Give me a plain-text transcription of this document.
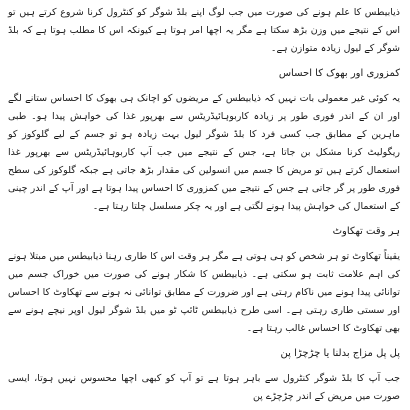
ذیابیطس کا علم ہونے کی صورت میں جب لوگ اپنے بلڈ شوگر کو کنٹرول کرنا شروع کرتے ہیں تو اس کے نتیجے میں وزن بڑھ سکتا ہے مگر یہ اچھا امر ہوتا ہے کیونکہ اس کا مطلب ہوتا ہے کہ بلڈ شوگر کے لیول زیادہ متوازن ہے۔

کمزوری اور بھوک کا احساس

یہ کوئی غیر معمولی بات نہیں کہ ذیابیطس کے مریضوں کو اچانک ہی بھوک کا احساس ستانے لگے اور ان کے اندر فوری طور پر زیادہ کاربوہائیڈریٹس سے بھرپور غذا کی خواہش پیدا ہو۔ طبی ماہرین کے مطابق جب کسی فرد کا بلڈ شوگر لیول بہت زیادہ ہو تو جسم کے لیے گلوکوز کو ریگولیٹ کرنا مشکل بن جاتا ہے، جس کے نتیجے میں جب آپ کاربوہائیڈریٹس سے بھرپور غذا استعمال کرتے ہیں تو مریض کا جسم میں انسولین کی مقدار بڑھ جاتی ہے جبکہ گلوکوز کی سطح فوری طور پر گر جاتی ہے جس کے نتیجے میں کمزوری کا احساس پیدا ہوتا ہے اور آپ کے اندر چینی کے استعمال کی خواہش پیدا ہونے لگتی ہے اور یہ چکر مسلسل چلتا رہتا ہے۔

ہر وقت تھکاوٹ

یقیناً تھکاوٹ تو ہر شخص کو ہی ہوتی ہے مگر ہر وقت اس کا طاری رہنا ذیابیطس میں مبتلا ہونے کی اہم علامت ثابت ہو سکتی ہے۔ ذیابیطس کا شکار ہونے کی صورت میں خوراک جسم میں توانائی پیدا ہونے میں ناکام رہتی ہے اور ضرورت کے مطابق توانائی نہ ہونے سے تھکاوٹ کا احساس اور سستی طاری رہتی ہے۔ اسی طرح ذیابیطس ٹائپ ٹو میں بلڈ شوگر لیول اوپر نیچے ہونے سے بھی تھکاوٹ کا احساس غالب رہتا ہے۔

پل پل مزاج بدلنا یا چڑچڑا پن

جب آپ کا بلڈ شوگر کنٹرول سے باہر ہوتا ہے تو آپ کو کبھی اچھا محسوس نہیں ہوتا، ایسی صورت میں مریض کے اندر چڑچڑے پن
